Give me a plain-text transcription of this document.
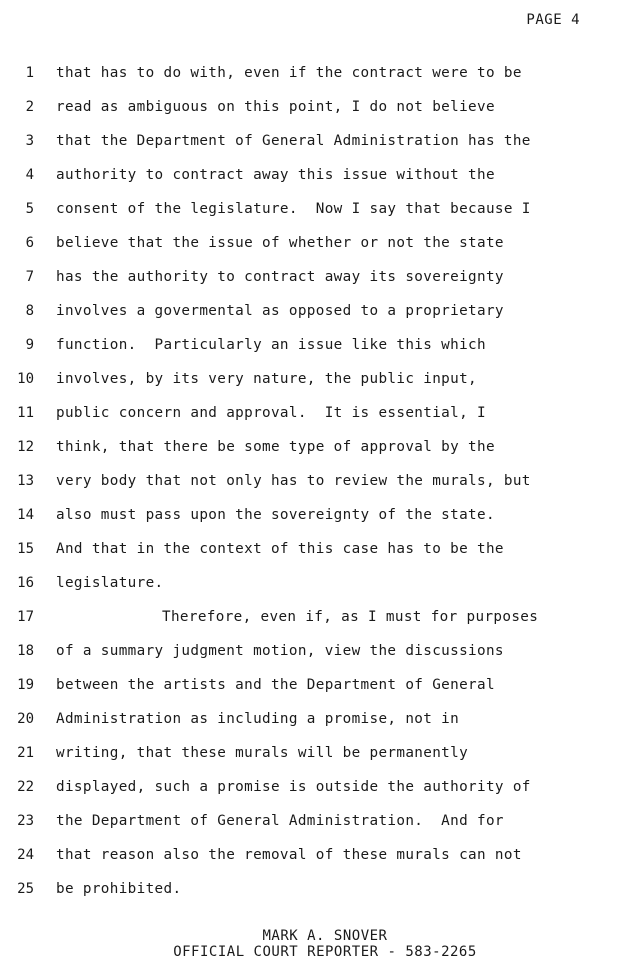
PAGE 4
1 that has to do with, even if the contract were to be
2 read as ambiguous on this point, I do not believe
3 that the Department of General Administration has the
4 authority to contract away this issue without the
5 consent of the legislature.  Now I say that because I
6 believe that the issue of whether or not the state
7 has the authority to contract away its sovereignty
8 involves a govermental as opposed to a proprietary
9 function.  Particularly an issue like this which
10 involves, by its very nature, the public input,
11 public concern and approval.  It is essential, I
12 think, that there be some type of approval by the
13 very body that not only has to review the murals, but
14 also must pass upon the sovereignty of the state.
15 And that in the context of this case has to be the
16 legislature.
17	Therefore, even if, as I must for purposes
18 of a summary judgment motion, view the discussions
19 between the artists and the Department of General
20 Administration as including a promise, not in
21 writing, that these murals will be permanently
22 displayed, such a promise is outside the authority of
23 the Department of General Administration.  And for
24 that reason also the removal of these murals can not
25 be prohibited.
MARK A. SNOVER
OFFICIAL COURT REPORTER - 583-2265
